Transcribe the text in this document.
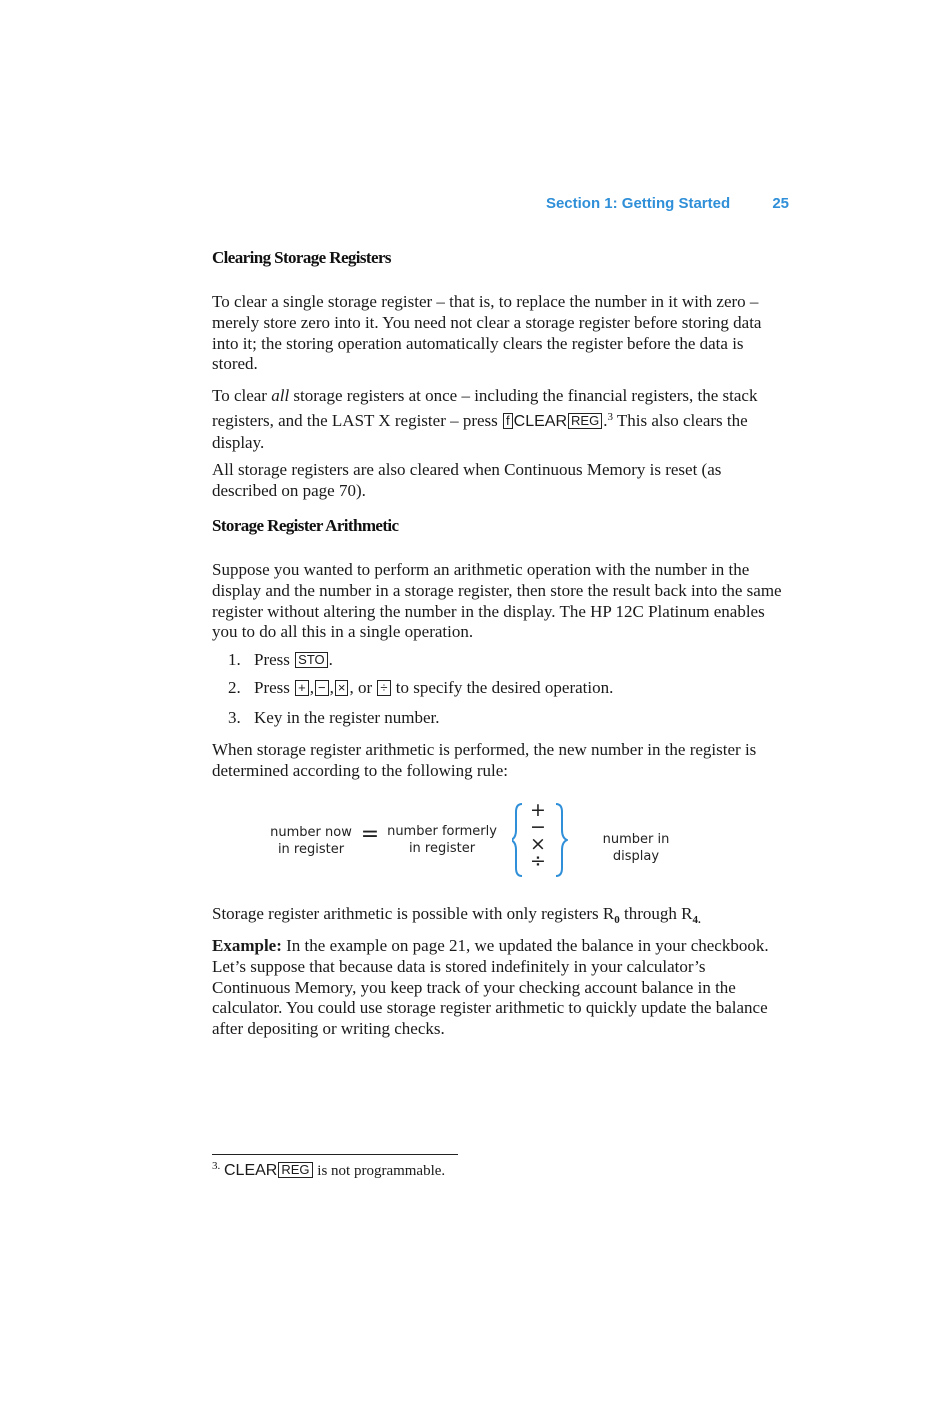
Section 1: Getting Started	25
Clearing Storage Registers

To clear a single storage register – that is, to replace the number in it with zero – merely store zero into it. You need not clear a storage register before storing data into it; the storing operation automatically clears the register before the data is stored.

To clear all storage registers at once – including the financial registers, the stack registers, and the LAST X register – press f CLEAR REG .$^3$ This also clears the display.

All storage registers are also cleared when Continuous Memory is reset (as described on page 70).

Storage Register Arithmetic

Suppose you wanted to perform an arithmetic operation with the number in the display and the number in a storage register, then store the result back into the same register without altering the number in the display. The HP 12C Platinum enables you to do all this in a single operation.

1. Press STO .
2. Press + , − , × , or ÷ to specify the desired operation.
3. Key in the register number.

When storage register arithmetic is performed, the new number in the register is determined according to the following rule:

number now
in register
= number formerly
in register
+
−
×
÷
number in display

Storage register arithmetic is possible with only registers $R_0$ through $R_{4.}$

Example: In the example on page 21, we updated the balance in your checkbook. Let’s suppose that because data is stored indefinitely in your calculator’s Continuous Memory, you keep track of your checking account balance in the calculator. You could use storage register arithmetic to quickly update the balance after depositing or writing checks.

$^{3.}$ CLEAR REG is not programmable.
